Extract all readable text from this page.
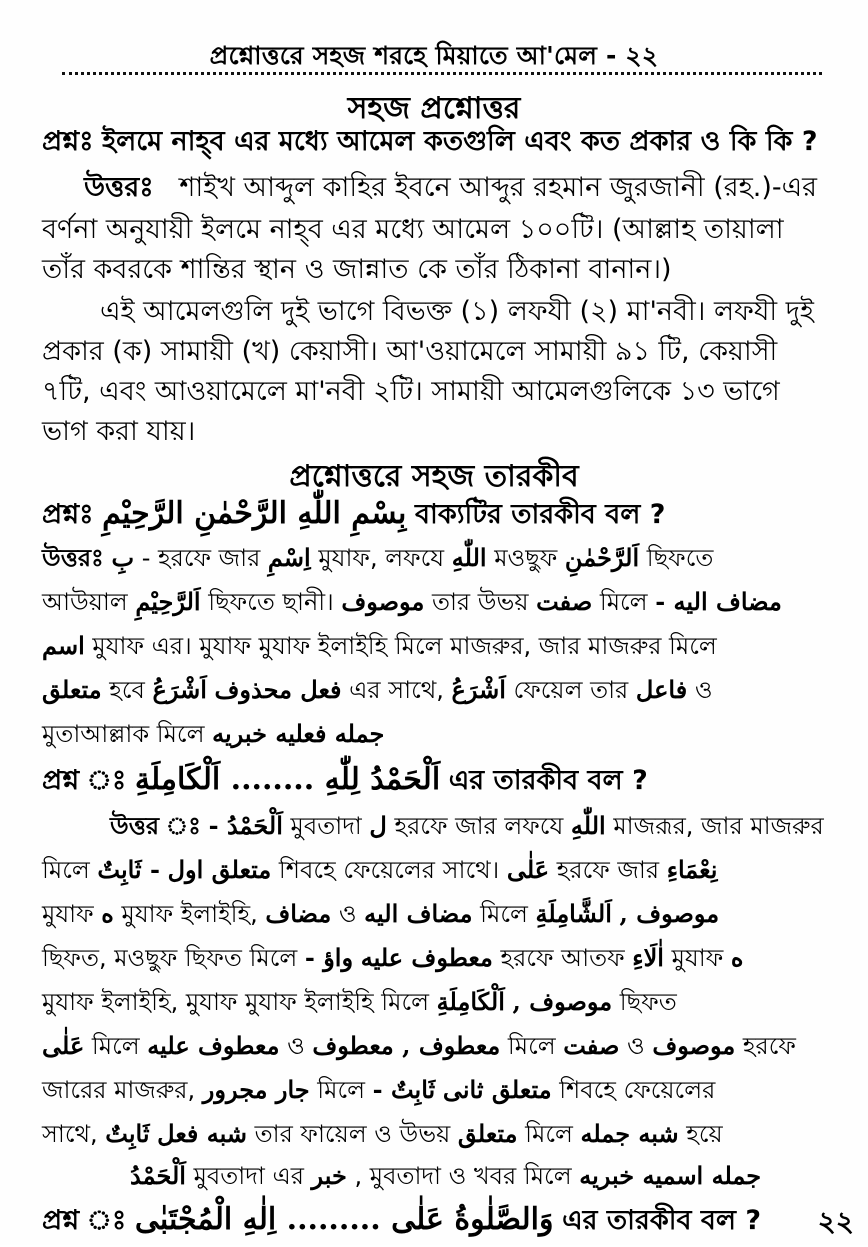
প্রশ্নোত্তরে সহজ শরহে মিয়াতে আ'মেল - ২২
সহজ প্রশ্নোত্তর
প্রশ্নঃ ইলমে নাহ্‌ব এর মধ্যে আমেল কতগুলি এবং কত প্রকার ও কি কি ?
উত্তরঃ শাইখ আব্দুল কাহির ইবনে আব্দুর রহমান জুরজানী (রহ.)-এর
বর্ণনা অনুযায়ী ইলমে নাহ্‌ব এর মধ্যে আমেল ১০০টি। (আল্লাহ তায়ালা
তাঁর কবরকে শান্তির স্থান ও জান্নাত কে তাঁর ঠিকানা বানান।)
এই আমেলগুলি দুই ভাগে বিভক্ত (১) লফযী (২) মা'নবী। লফযী দুই
প্রকার (ক) সামায়ী (খ) কেয়াসী। আ'ওয়ামেলে সামায়ী ৯১ টি, কেয়াসী
৭টি, এবং আওয়ামেলে মা'নবী ২টি। সামায়ী আমেলগুলিকে ১৩ ভাগে
ভাগ করা যায়।
প্রশ্নোত্তরে সহজ তারকীব
প্রশ্নঃ بِسْمِ اللّٰهِ الرَّحْمٰنِ الرَّحِيْمِ বাক্যটির তারকীব বল ?
উত্তরঃ بِ - হরফে জার اِسْمِ মুযাফ, লফযে اللّٰهِ মওছুফ اَلرَّحْمٰنِ ছিফতে
আউয়াল اَلرَّحِيْمِ ছিফতে ছানী। موصوف তার উভয় صفت মিলে - مضاف اليه
اسم মুযাফ এর। মুযাফ মুযাফ ইলাইহি মিলে মাজরুর, জার মাজরুর মিলে
متعلق হবে	فعل محذوف اَشْرَعُ	এর সাথে, اَشْرَعُ ফেয়েল তার فاعل ও
মুতাআল্লাক মিলে جمله فعليه خبريه
প্রশ্ন ঃ اَلْحَمْدُ لِلّٰهِ ........ اَلْكَامِلَةِ এর তারকীব বল ?
উত্তর ঃ - اَلْحَمْدُ মুবতাদা ل হরফে জার লফযে اللّٰهِ মাজরূর, জার মাজরুর
মিলে	متعلق اول - ثَابِتٌ	শিবহে ফেয়েলের সাথে। عَلٰى হরফে জার نِعْمَاءِ
মুযাফ ه মুযাফ ইলাইহি, مضاف ও مضاف اليه মিলে	موصوف , اَلشَّامِلَةِ
ছিফত, মওছুফ ছিফত মিলে - معطوف عليه واؤ	হরফে আতফ اٰلَاءِ মুযাফ ه
মুযাফ ইলাইহি, মুযাফ মুযাফ ইলাইহি মিলে	موصوف , اَلْكَامِلَةِ	ছিফত
عَلٰى মিলে معطوف عليه ও معطوف , معطوف মিলে صفت ও موصوف হরফে
জারের মাজরুর, جار مجرور মিলে - متعلق ثانى ثَابِتٌ	শিবহে ফেয়েলের
সাথে, شبه فعل ثَابِتٌ	তার ফায়েল ও উভয় متعلق মিলে شبه جمله হয়ে
اَلْحَمْدُ মুবতাদা এর خبر , মুবতাদা ও খবর মিলে جمله اسميه خبريه
প্রশ্ন ঃ وَالصَّلٰوةُ عَلٰى ......... اِلٰهِ الْمُجْتَبٰى এর তারকীব বল ?	২২
